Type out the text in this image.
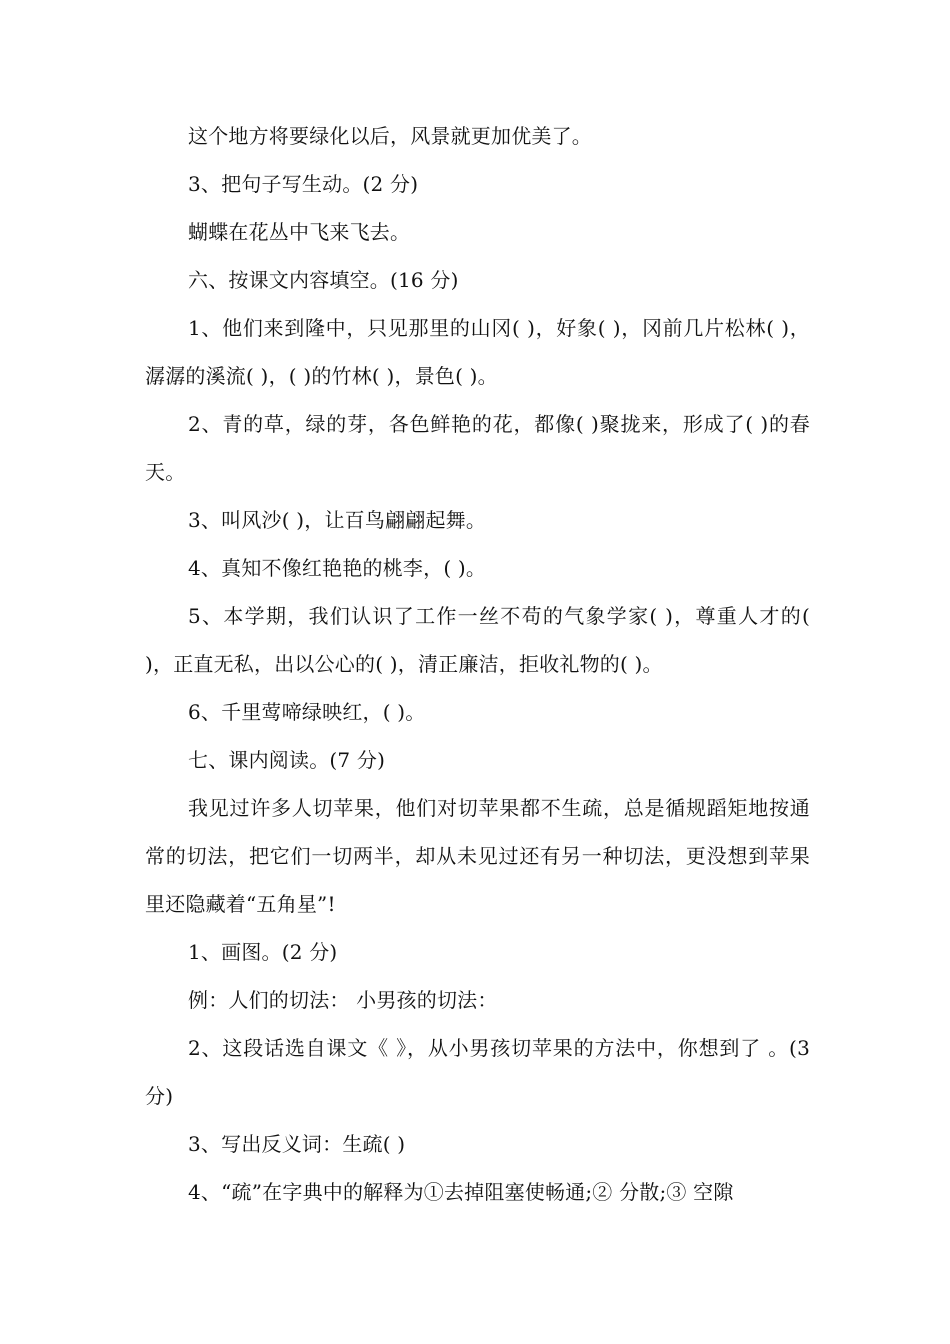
这个地方将要绿化以后，风景就更加优美了。

3、把句子写生动。(2 分)

蝴蝶在花丛中飞来飞去。

六、按课文内容填空。(16 分)

1、他们来到隆中，只见那里的山冈( )，好象( )，冈前几片松林( )，潺潺的溪流( )，( )的竹林( )，景色( )。

2、青的草，绿的芽，各色鲜艳的花，都像( )聚拢来，形成了( )的春天。

3、叫风沙( )，让百鸟翩翩起舞。

4、真知不像红艳艳的桃李，( )。

5、本学期，我们认识了工作一丝不苟的气象学家( )，尊重人才的( )，正直无私，出以公心的( )，清正廉洁，拒收礼物的( )。

6、千里莺啼绿映红，( )。

七、课内阅读。(7 分)

我见过许多人切苹果，他们对切苹果都不生疏，总是循规蹈矩地按通常的切法，把它们一切两半，却从未见过还有另一种切法，更没想到苹果里还隐藏着“五角星”!

1、画图。(2 分)

例：人们的切法： 小男孩的切法：

2、这段话选自课文《 》，从小男孩切苹果的方法中，你想到了 。(3 分)

3、写出反义词：生疏( )

4、“疏”在字典中的解释为①去掉阻塞使畅通;② 分散;③ 空隙
